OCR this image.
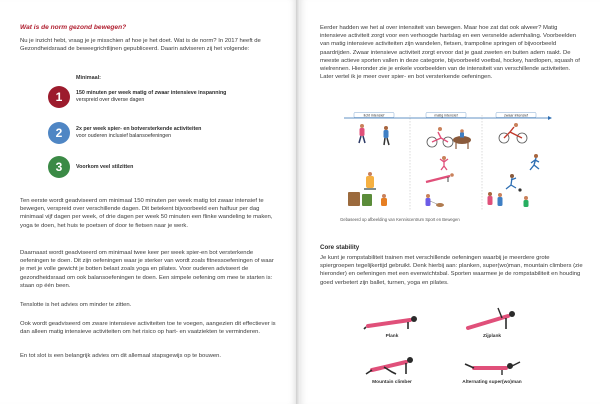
Wat is de norm gezond bewegen?
Nu je inzicht hebt, vraag je je misschien af hoe je het doet. Wat is de norm? In 2017 heeft de Gezondheidsraad de beweegrichtlijnen gepubliceerd. Daarin adviseren zij het volgende:
Minimaal:
1	150 minuten per week matig of zwaar intensieve inspanning
verspreid over diverse dagen
2	2x per week spier- en botversterkende activiteiten
voor ouderen inclusief balansoefeningen
3	Voorkom veel stilzitten
Ten eerste wordt geadviseerd om minimaal 150 minuten per week matig tot zwaar intensief te bewegen, verspreid over verschillende dagen. Dit betekent bijvoorbeeld een halfuur per dag minimaal vijf dagen per week, of drie dagen per week 50 minuten een flinke wandeling te maken, yoga te doen, het huis te poetsen of door te fietsen naar je werk.
Daarnaast wordt geadviseerd om minimaal twee keer per week spier-en bot versterkende oefeningen te doen. Dit zijn oefeningen waar je sterker van wordt zoals fitnessoefeningen of waar je met je volle gewicht je botten belast zoals yoga en pilates. Voor ouderen adviseert de gezondheidsraad om ook balansoefeningen te doen. Een simpele oefening om mee te starten is: staan op één been.
Tenslotte is het advies om minder te zitten.
Ook wordt geadviseerd om zware intensieve activiteiten toe te voegen, aangezien dit effectiever is dan alleen matig intensieve activiteiten om het risico op hart- en vaatziekten te verminderen.
En tot slot is een belangrijk advies om dit allemaal stapsgewijs op te bouwen.
Eerder hadden we het al over intensiteit van bewegen. Maar hoe zat dat ook alweer? Matig intensieve activiteit zorgt voor een verhoogde hartslag en een versnelde ademhaling. Voorbeelden van matig intensieve activiteiten zijn wandelen, fietsen, trampoline springen of bijvoorbeeld paardrijden. Zwaar intensieve activiteit zorgt ervoor dat je gaat zweten en buiten adem raakt. De meeste actieve sporten vallen in deze categorie, bijvoorbeeld voetbal, hockey, hardlopen, squash of wielrennen. Hieronder zie je enkele voorbeelden van de intensiteit van verschillende activiteiten. Later vertel ik je meer over spier- en bot versterkende oefeningen.
licht intensief	matig intensief	zwaar intensief
Gebaseerd op afbeelding van Kenniscentrum Sport en Bewegen
Core stability
Je kunt je rompstabiliteit trainen met verschillende oefeningen waarbij je meerdere grote spiergroepen tegelijkertijd gebruikt. Denk hierbij aan: planken, super(wo)man, mountain climbers (zie hieronder) en oefeningen met een evenwichtsbal. Sporten waarmee je de rompstabiliteit en houding goed verbetert zijn ballet, turnen, yoga en pilates.
Plank	Zijplank
Mountain climber	Alternating super(wo)man
